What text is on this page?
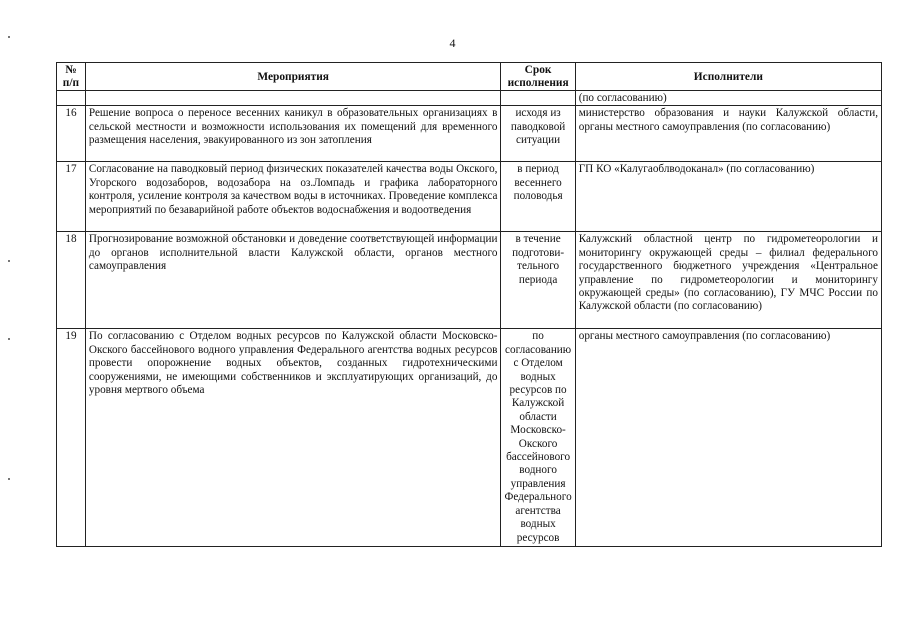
4
№ п/п	Мероприятия	Срок исполнения	Исполнители
			(по согласованию)
16	Решение вопроса о переносе весенних каникул в образовательных организациях в сельской местности и возможности использования их помещений для временного размещения населения, эвакуированного из зон затопления	исходя из паводковой ситуации	министерство образования и науки Калужской области, органы местного самоуправления (по согласованию)
17	Согласование на паводковый период физических показателей качества воды Окского, Угорского водозаборов, водозабора на оз.Ломпадь и графика лабораторного контроля, усиление контроля за качеством воды в источниках. Проведение комплекса мероприятий по безаварийной работе объектов водоснабжения и водоотведения	в период весеннего половодья	ГП КО «Калугаоблводоканал» (по согласованию)
18	Прогнозирование возможной обстановки и доведение соответствующей информации до органов исполнительной власти Калужской области, органов местного самоуправления	в течение подготови-тельного периода	Калужский областной центр по гидрометеорологии и мониторингу окружающей среды – филиал федерального государственного бюджетного учреждения «Центральное управление по гидрометеорологии и мониторингу окружающей среды» (по согласованию), ГУ МЧС России по Калужской области (по согласованию)
19	По согласованию с Отделом водных ресурсов по Калужской области Московско-Окского бассейнового водного управления Федерального агентства водных ресурсов провести опорожнение водных объектов, созданных гидротехническими сооружениями, не имеющими собственников и эксплуатирующих организаций, до уровня мертвого объема	по согласованию с Отделом водных ресурсов по Калужской области Московско-Окского бассейнового водного управления Федерального агентства водных ресурсов	органы местного самоуправления (по согласованию)
